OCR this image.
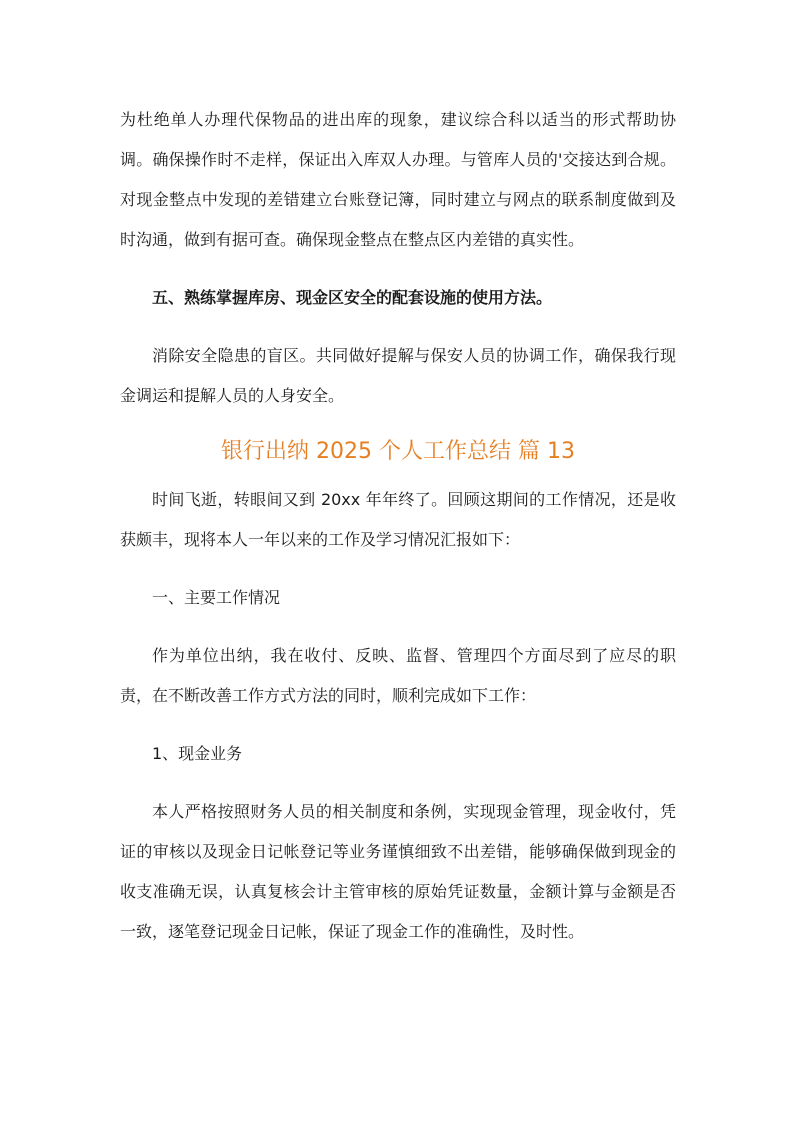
为杜绝单人办理代保物品的进出库的现象，建议综合科以适当的形式帮助协调。确保操作时不走样，保证出入库双人办理。与管库人员的'交接达到合规。对现金整点中发现的差错建立台账登记簿，同时建立与网点的联系制度做到及时沟通，做到有据可查。确保现金整点在整点区内差错的真实性。

五、熟练掌握库房、现金区安全的配套设施的使用方法。

消除安全隐患的盲区。共同做好提解与保安人员的协调工作，确保我行现金调运和提解人员的人身安全。

银行出纳 2025 个人工作总结 篇 13

时间飞逝，转眼间又到 20xx 年年终了。回顾这期间的工作情况，还是收获颇丰，现将本人一年以来的工作及学习情况汇报如下：

一、主要工作情况

作为单位出纳，我在收付、反映、监督、管理四个方面尽到了应尽的职责，在不断改善工作方式方法的同时，顺利完成如下工作：

1、现金业务

本人严格按照财务人员的相关制度和条例，实现现金管理，现金收付，凭证的审核以及现金日记帐登记等业务谨慎细致不出差错，能够确保做到现金的收支准确无误，认真复核会计主管审核的原始凭证数量，金额计算与金额是否一致，逐笔登记现金日记帐，保证了现金工作的准确性，及时性。
